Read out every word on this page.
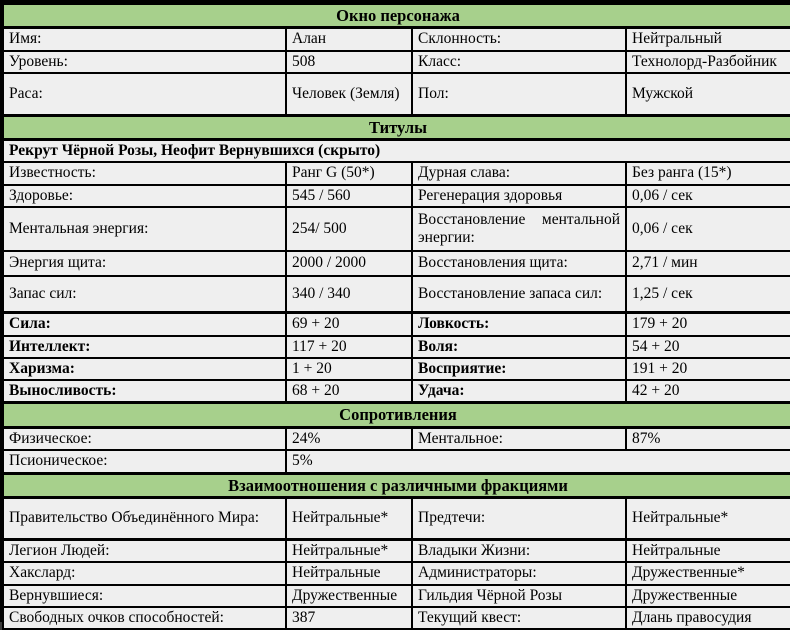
Окно персонажа			
Имя:	Алан	Склонность:	Нейтральный
Уровень:	508	Класс:	Технолорд-Разбойник
Раса:	Человек (Земля)	Пол:	Мужской
Титулы			
Рекрут Чёрной Розы, Неофит Вернувшихся (скрыто)			
Известность:	Ранг G (50*)	Дурная слава:	Без ранга (15*)
Здоровье:	545 / 560	Регенерация здоровья	0,06 / сек
Ментальная энергия:	254/ 500	Восстановление ментальной энергии:	0,06 / сек
Энергия щита:	2000 / 2000	Восстановления щита:	2,71 / мин
Запас сил:	340 / 340	Восстановление запаса сил:	1,25 / сек
Сила:	69 + 20	Ловкость:	179 + 20
Интеллект:	117 + 20	Воля:	54 + 20
Харизма:	1 + 20	Восприятие:	191 + 20
Выносливость:	68 + 20	Удача:	42 + 20
Сопротивления			
Физическое:	24%	Ментальное:	87%
Псионическое:	5%		
Взаимоотношения с различными фракциями			
Правительство Объединённого Мира:	Нейтральные*	Предтечи:	Нейтральные*
Легион Людей:	Нейтральные*	Владыки Жизни:	Нейтральные
Хакслард:	Нейтральные	Администраторы:	Дружественные*
Вернувшиеся:	Дружественные	Гильдия Чёрной Розы	Дружественные
Свободных очков способностей:	387	Текущий квест:	Длань правосудия
